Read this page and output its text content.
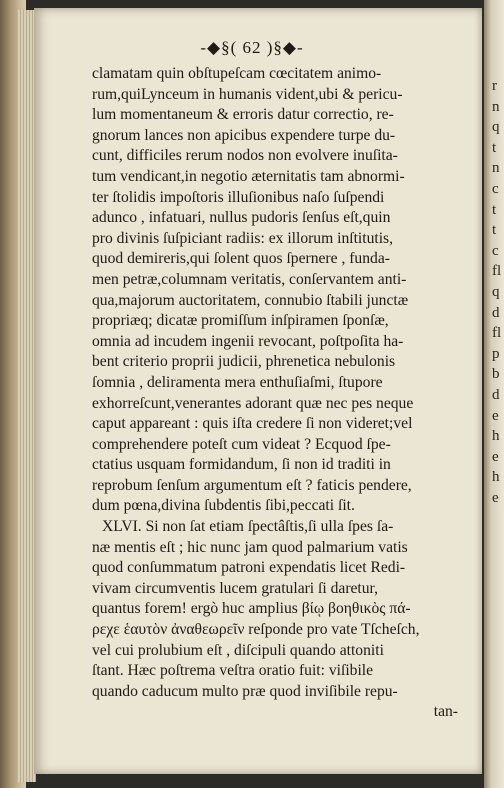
r
n
q
t
n
c
t
t
c
fl
q
d
fl
p
b
d
e
h
e
h
e
-◆§( 62 )§◆-
clamatam quin obſtupeſcam cœcitatem animo-
rum,quiLynceum in humanis vident,ubi & pericu-
lum momentaneum & erroris datur correctio, re-
gnorum lances non apicibus expendere turpe du-
cunt, difficiles rerum nodos non evolvere inuſita-
tum vendicant,in negotio æternitatis tam abnormi-
ter ſtolidis impoſtoris illuſionibus naſo ſuſpendi
adunco , infatuari, nullus pudoris ſenſus eſt,quin
pro divinis ſuſpiciant radiis: ex illorum inſtitutis,
quod demireris,qui ſolent quos ſpernere , funda-
men petræ,columnam veritatis, conſervantem anti-
qua,majorum auctoritatem, connubio ſtabili junctæ
propriæq; dicatæ promiſſum inſpiramen ſponſæ,
omnia ad incudem ingenii revocant, poſtpoſita ha-
bent criterio proprii judicii, phrenetica nebulonis
ſomnia , deliramenta mera enthuſiaſmi, ſtupore
exhorreſcunt,venerantes adorant quæ nec pes neque
caput appareant : quis iſta credere ſi non videret;vel
comprehendere poteſt cum videat ? Ecquod ſpe-
ctatius usquam formidandum, ſi non id traditi in
reprobum ſenſum argumentum eſt ? faticis pendere,
dum pœna,divina ſubdentis ſibi,peccati ſit.
XLVI. Si non ſat etiam ſpectâſtis,ſi ulla ſpes ſa-
næ mentis eſt ; hic nunc jam quod palmarium vatis
quod conſummatum patroni expendatis licet Redi-
vivam circumventis lucem gratulari ſi daretur,
quantus forem! ergò huc amplius βίῳ βοηθικὸς πά-
ρεχε ἑαυτὸν ἀναθεωρεῖν reſponde pro vate Tſcheſch,
vel cui prolubium eſt , diſcipuli quando attoniti
ſtant. Hæc poſtrema veſtra oratio fuit: viſibile
quando caducum multo præ quod inviſibile repu-
tan-
